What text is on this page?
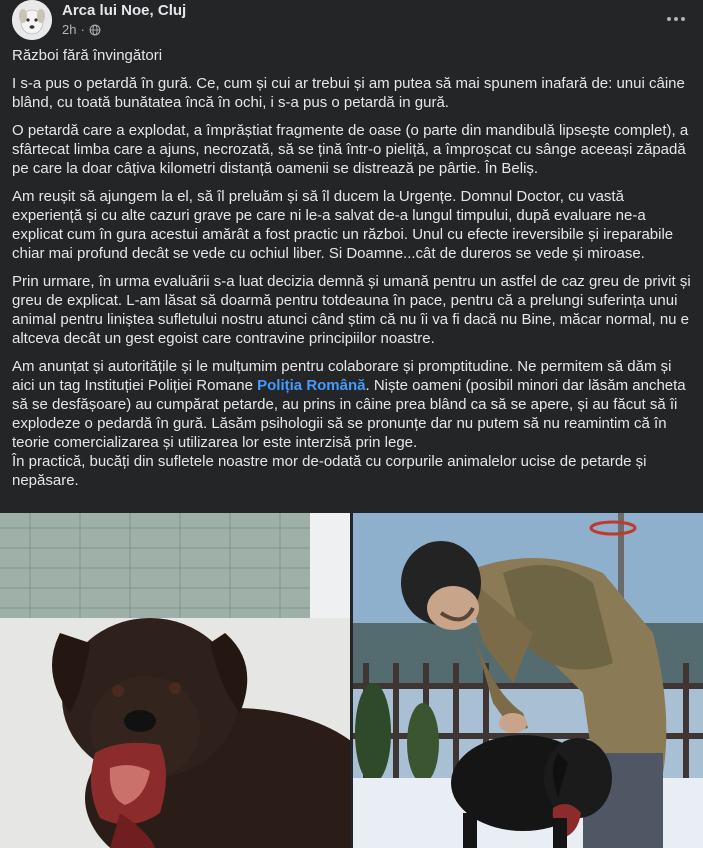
Arca lui Noe, Cluj
2h ·

Război fără învingători

I s-a pus o petardă în gură. Ce, cum și cui ar trebui și am putea să mai spunem inafară de: unui câine blând, cu toată bunătatea încă în ochi, i s-a pus o petardă in gură.

O petardă care a explodat, a împrăștiat fragmente de oase (o parte din mandibulă lipsește complet), a sfârtecat limba care a ajuns, necrozată, să se țină într-o pieliță, a împroșcat cu sânge aceeași zăpadă pe care la doar câțiva kilometri distanță oamenii se distrează pe pârtie. În Beliș.

Am reușit să ajungem la el, să îl preluăm și să îl ducem la Urgențe. Domnul Doctor, cu vastă experiență și cu alte cazuri grave pe care ni le-a salvat de-a lungul timpului, după evaluare ne-a explicat cum în gura acestui amărât a fost practic un război. Unul cu efecte ireversibile și ireparabile chiar mai profund decât se vede cu ochiul liber. Si Doamne...cât de dureros se vede și miroase.

Prin urmare, în urma evaluării s-a luat decizia demnă și umană pentru un astfel de caz greu de privit și greu de explicat. L-am lăsat să doarmă pentru totdeauna în pace, pentru că a prelungi suferința unui animal pentru liniștea sufletului nostru atunci când știm că nu îi va fi dacă nu Bine, măcar normal, nu e altceva decât un gest egoist care contravine principiilor noastre.

Am anunțat și autoritățile și le mulțumim pentru colaborare și promptitudine. Ne permitem să dăm și aici un tag Instituției Poliției Romane Poliția Română. Niște oameni (posibil minori dar lăsăm ancheta să se desfășoare) au cumpărat petarde, au prins in câine prea blând ca să se apere, și au făcut să îi explodeze o pedardă în gură. Lăsăm psihologii să se pronunțe dar nu putem să nu reamintim că în teorie comercializarea și utilizarea lor este interzisă prin lege.

În practică, bucăți din sufletele noastre mor de-odată cu corpurile animalelor ucise de petarde și nepăsare.
